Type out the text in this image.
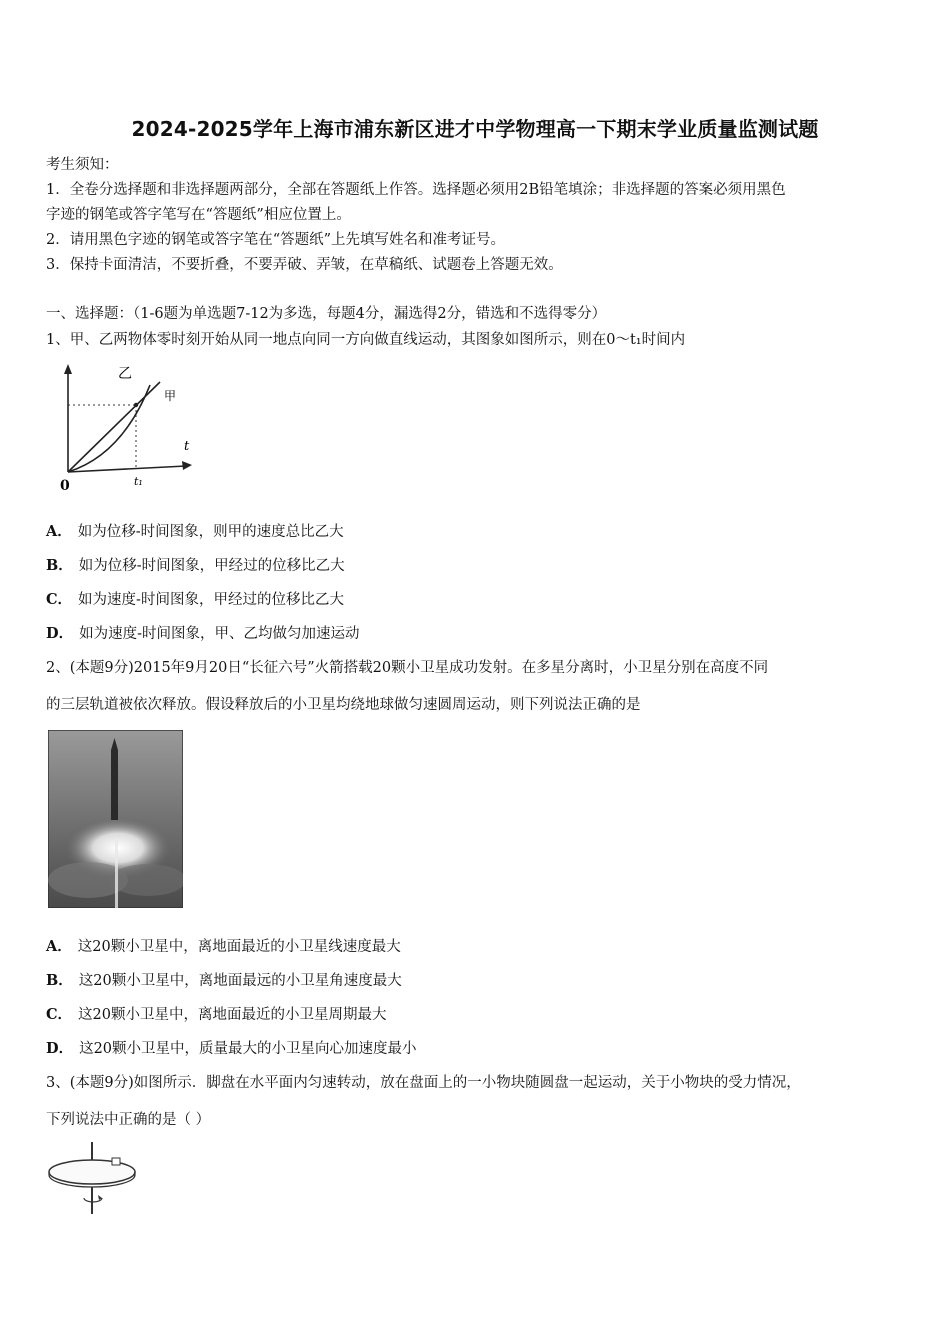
2024-2025学年上海市浦东新区进才中学物理高一下期末学业质量监测试题
考生须知：
1．全卷分选择题和非选择题两部分，全部在答题纸上作答。选择题必须用2B铅笔填涂；非选择题的答案必须用黑色
字迹的钢笔或答字笔写在“答题纸”相应位置上。
2．请用黑色字迹的钢笔或答字笔在“答题纸”上先填写姓名和准考证号。
3．保持卡面清洁，不要折叠，不要弄破、弄皱，在草稿纸、试题卷上答题无效。
一、选择题：（1-6题为单选题7-12为多选，每题4分，漏选得2分，错选和不选得零分）
1、甲、乙两物体零时刻开始从同一地点向同一方向做直线运动，其图象如图所示，则在0～t₁时间内
乙
甲
0	t₁
t
A． 如为位移-时间图象，则甲的速度总比乙大
B． 如为位移-时间图象，甲经过的位移比乙大
C． 如为速度-时间图象，甲经过的位移比乙大
D． 如为速度-时间图象，甲、乙均做匀加速运动
2、(本题9分)2015年9月20日“长征六号”火箭搭载20颗小卫星成功发射。在多星分离时，小卫星分别在高度不同
的三层轨道被依次释放。假设释放后的小卫星均绕地球做匀速圆周运动，则下列说法正确的是
A． 这20颗小卫星中，离地面最近的小卫星线速度最大
B． 这20颗小卫星中，离地面最远的小卫星角速度最大
C． 这20颗小卫星中，离地面最近的小卫星周期最大
D． 这20颗小卫星中，质量最大的小卫星向心加速度最小
3、(本题9分)如图所示．脚盘在水平面内匀速转动，放在盘面上的一小物块随圆盘一起运动，关于小物块的受力情况，
下列说法中正确的是（ ）
